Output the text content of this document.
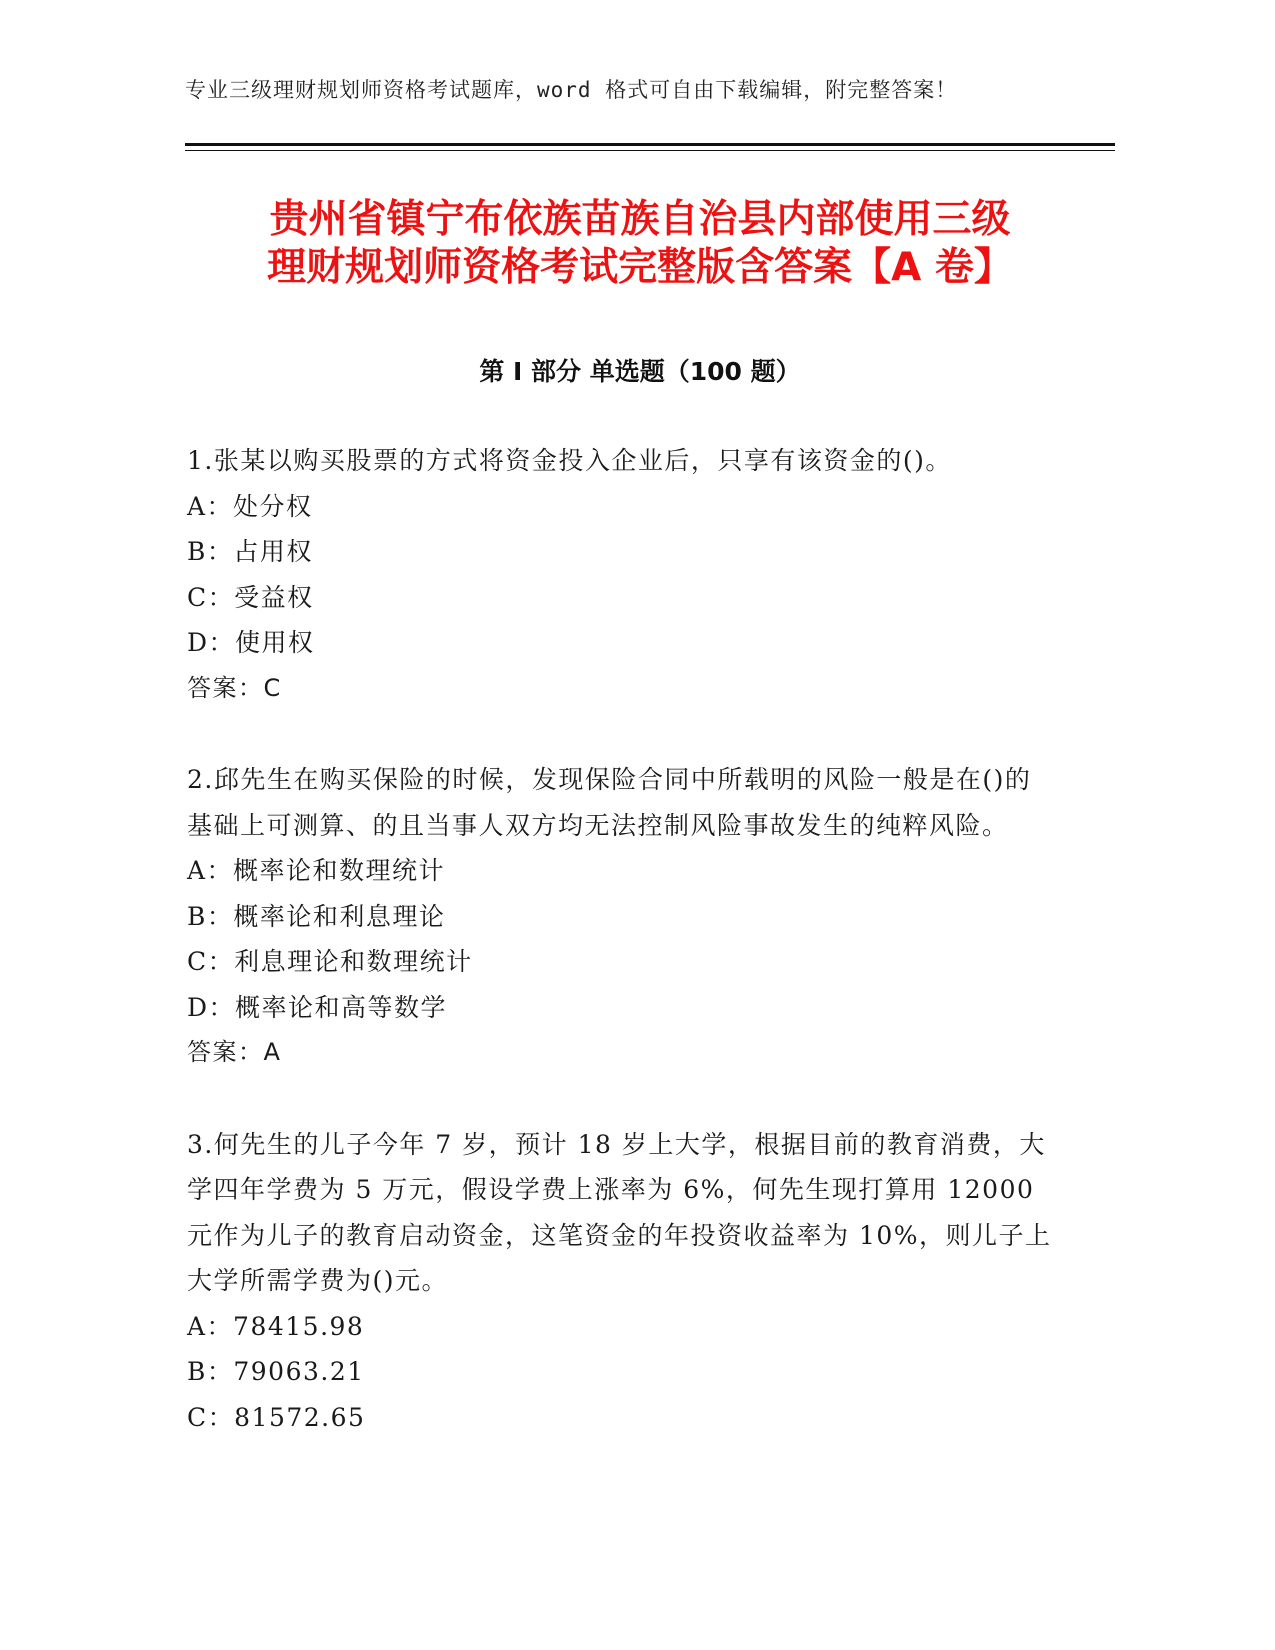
专业三级理财规划师资格考试题库，word 格式可自由下载编辑，附完整答案！
贵州省镇宁布依族苗族自治县内部使用三级
理财规划师资格考试完整版含答案【A 卷】
第 I 部分 单选题（100 题）

1.张某以购买股票的方式将资金投入企业后，只享有该资金的()。

A：处分权

B：占用权

C：受益权

D：使用权

答案：C

2.邱先生在购买保险的时候，发现保险合同中所载明的风险一般是在()的基础上可测算、的且当事人双方均无法控制风险事故发生的纯粹风险。

A：概率论和数理统计

B：概率论和利息理论

C：利息理论和数理统计

D：概率论和高等数学

答案：A

3.何先生的儿子今年 7 岁，预计 18 岁上大学，根据目前的教育消费，大学四年学费为 5 万元，假设学费上涨率为 6%，何先生现打算用 12000 元作为儿子的教育启动资金，这笔资金的年投资收益率为 10%，则儿子上大学所需学费为()元。

A：78415.98

B：79063.21

C：81572.65
